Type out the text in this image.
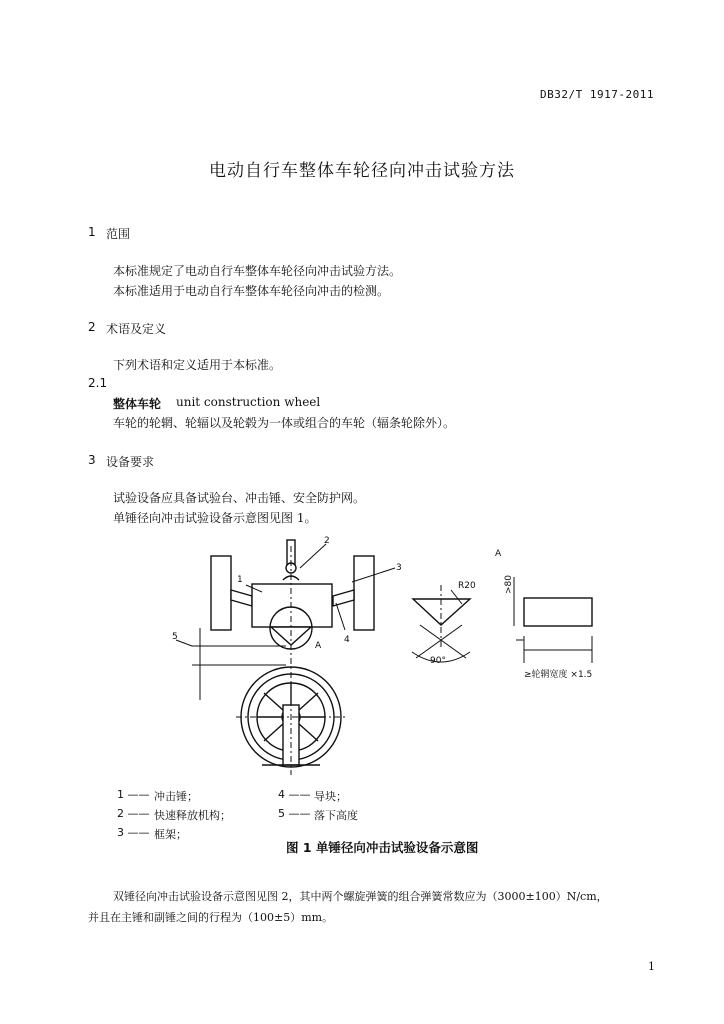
DB32/T 1917-2011
电动自行车整体车轮径向冲击试验方法
1 范围
本标准规定了电动自行车整体车轮径向冲击试验方法。
本标准适用于电动自行车整体车轮径向冲击的检测。
2 术语及定义
下列术语和定义适用于本标准。
2.1
整体车轮 unit construction wheel
车轮的轮辋、轮辐以及轮毂为一体或组合的车轮（辐条轮除外）。
3 设备要求
试验设备应具备试验台、冲击锤、安全防护网。
单锤径向冲击试验设备示意图见图 1。
1
2
3
4
5
A
A
R20
90°
>80
≥轮辋宽度 ×1.5
1 —— 冲击锤；
2 —— 快速释放机构；
3 —— 框架；
4 —— 导块；
5 —— 落下高度
图 1 单锤径向冲击试验设备示意图
双锤径向冲击试验设备示意图见图 2，其中两个螺旋弹簧的组合弹簧常数应为（3000±100）N/cm，
并且在主锤和副锤之间的行程为（100±5）mm。
1
